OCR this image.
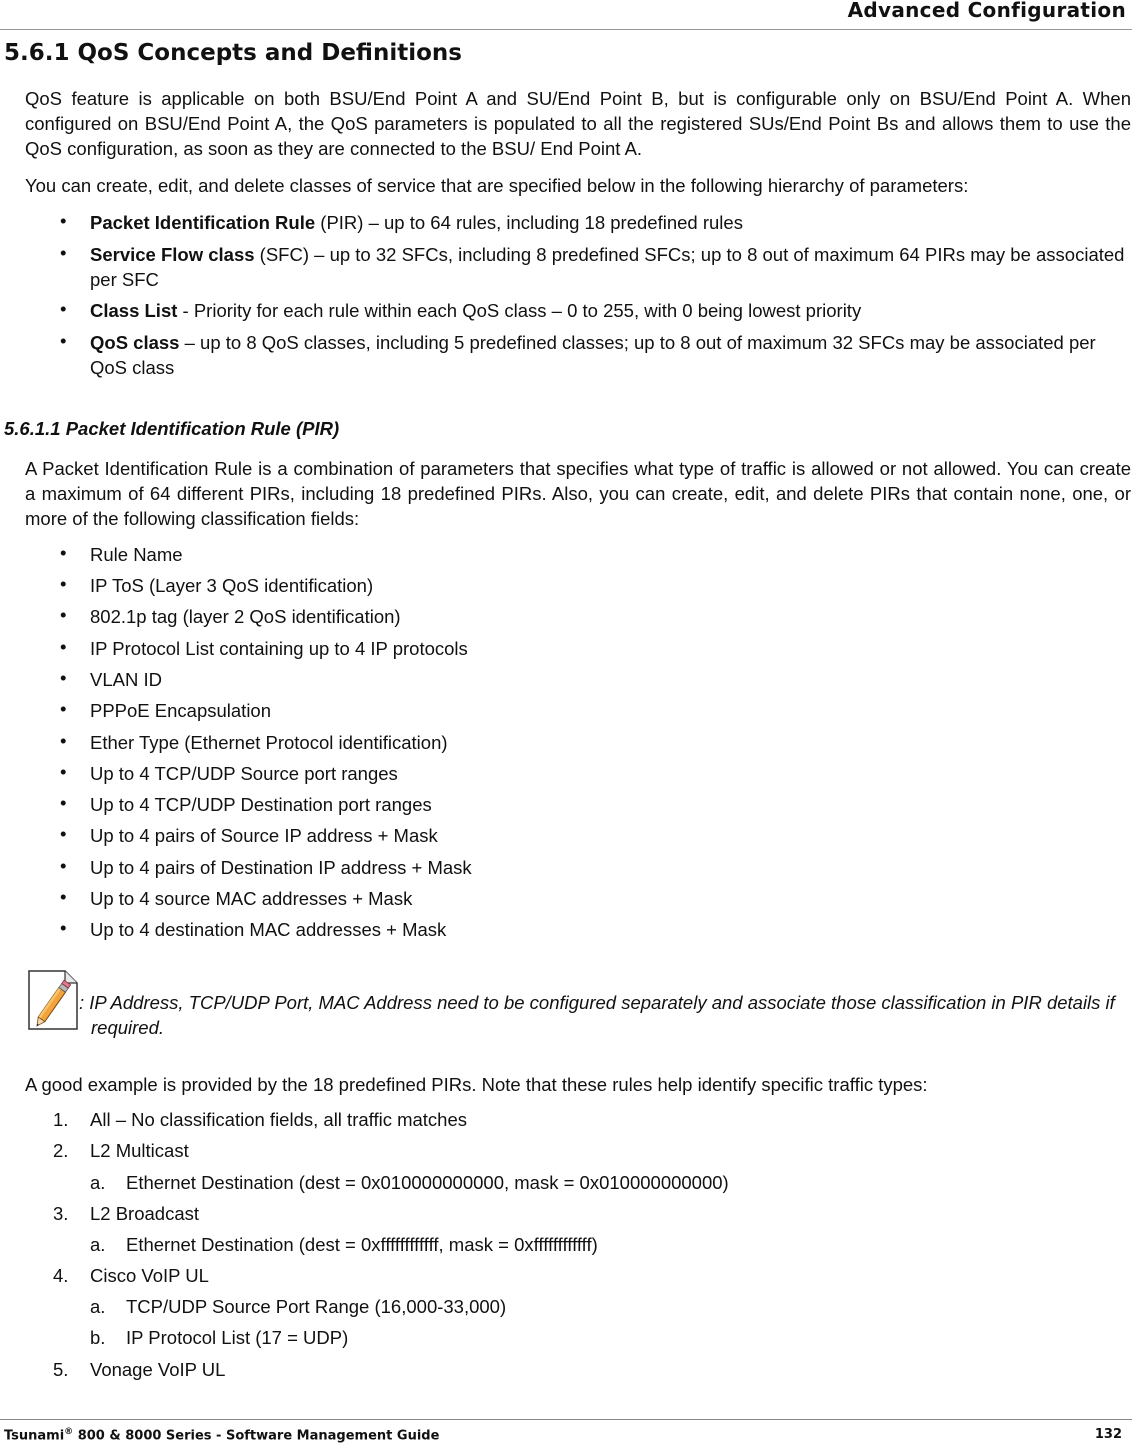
Advanced Configuration
5.6.1 QoS Concepts and Definitions

QoS feature is applicable on both BSU/End Point A and SU/End Point B, but is configurable only on BSU/End Point A. When configured on BSU/End Point A, the QoS parameters is populated to all the registered SUs/End Point Bs and allows them to use the QoS configuration, as soon as they are connected to the BSU/ End Point A.

You can create, edit, and delete classes of service that are specified below in the following hierarchy of parameters:

• Packet Identification Rule (PIR) – up to 64 rules, including 18 predefined rules
• Service Flow class (SFC) – up to 32 SFCs, including 8 predefined SFCs; up to 8 out of maximum 64 PIRs may be associated per SFC
• Class List - Priority for each rule within each QoS class – 0 to 255, with 0 being lowest priority
• QoS class – up to 8 QoS classes, including 5 predefined classes; up to 8 out of maximum 32 SFCs may be associated per QoS class
5.6.1.1 Packet Identification Rule (PIR)

A Packet Identification Rule is a combination of parameters that specifies what type of traffic is allowed or not allowed. You can create a maximum of 64 different PIRs, including 18 predefined PIRs. Also, you can create, edit, and delete PIRs that contain none, one, or more of the following classification fields:

• Rule Name
• IP ToS (Layer 3 QoS identification)
• 802.1p tag (layer 2 QoS identification)
• IP Protocol List containing up to 4 IP protocols
• VLAN ID
• PPPoE Encapsulation
• Ether Type (Ethernet Protocol identification)
• Up to 4 TCP/UDP Source port ranges
• Up to 4 TCP/UDP Destination port ranges
• Up to 4 pairs of Source IP address + Mask
• Up to 4 pairs of Destination IP address + Mask
• Up to 4 source MAC addresses + Mask
• Up to 4 destination MAC addresses + Mask
: IP Address, TCP/UDP Port, MAC Address need to be configured separately and associate those classification in PIR details if required.

A good example is provided by the 18 predefined PIRs. Note that these rules help identify specific traffic types:

1. All – No classification fields, all traffic matches
2. L2 Multicast
a. Ethernet Destination (dest = 0x010000000000, mask = 0x010000000000)
3. L2 Broadcast
a. Ethernet Destination (dest = 0xffffffffffff, mask = 0xffffffffffff)
4. Cisco VoIP UL
a. TCP/UDP Source Port Range (16,000-33,000)
b. IP Protocol List (17 = UDP)
5. Vonage VoIP UL
Tsunami® 800 & 8000 Series - Software Management Guide	132
